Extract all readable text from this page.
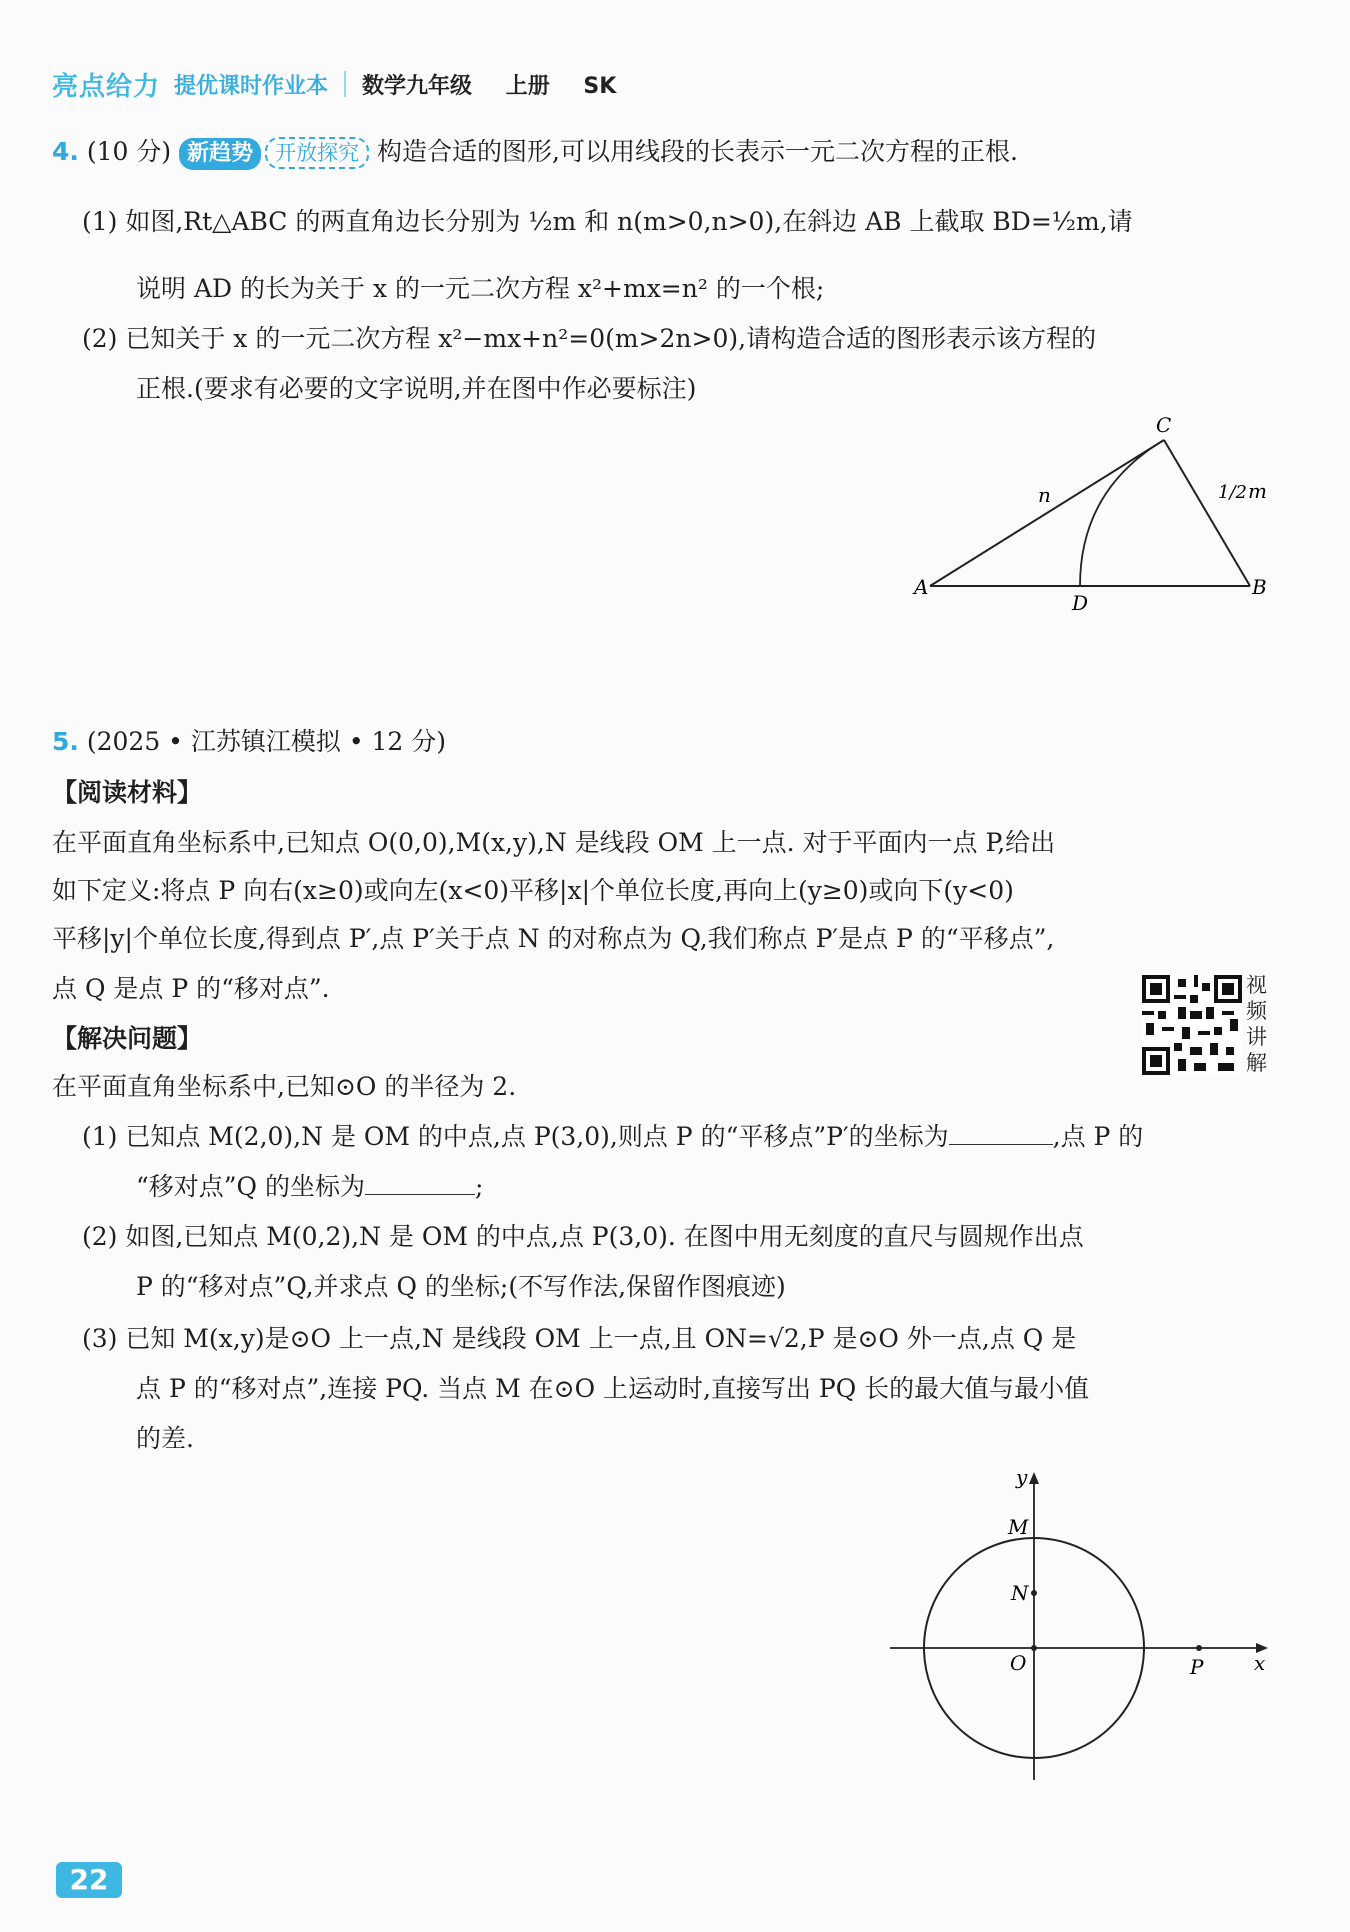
亮点给力 提优课时作业本 数学九年级 上册 SK
4. (10 分) 新趋势 开放探究 构造合适的图形,可以用线段的长表示一元二次方程的正根.
(1) 如图,Rt△ABC 的两直角边长分别为 ½m 和 n(m>0,n>0),在斜边 AB 上截取 BD=½m,请
说明 AD 的长为关于 x 的一元二次方程 x²+mx=n² 的一个根;
(2) 已知关于 x 的一元二次方程 x²−mx+n²=0(m>2n>0),请构造合适的图形表示该方程的
正根.(要求有必要的文字说明,并在图中作必要标注)
A	B
C
D
n	1/2 m
5. (2025 • 江苏镇江模拟 • 12 分)
【阅读材料】
在平面直角坐标系中,已知点 O(0,0),M(x,y),N 是线段 OM 上一点. 对于平面内一点 P,给出
如下定义:将点 P 向右(x≥0)或向左(x<0)平移|x|个单位长度,再向上(y≥0)或向下(y<0)
平移|y|个单位长度,得到点 P′,点 P′关于点 N 的对称点为 Q,我们称点 P′是点 P 的“平移点”,
点 Q 是点 P 的“移对点”.	视
频
讲
解
【解决问题】
在平面直角坐标系中,已知⊙O 的半径为 2.
(1) 已知点 M(2,0),N 是 OM 的中点,点 P(3,0),则点 P 的“平移点”P′的坐标为	,点 P 的
“移对点”Q 的坐标为	;
(2) 如图,已知点 M(0,2),N 是 OM 的中点,点 P(3,0). 在图中用无刻度的直尺与圆规作出点
P 的“移对点”Q,并求点 Q 的坐标;(不写作法,保留作图痕迹)
(3) 已知 M(x,y)是⊙O 上一点,N 是线段 OM 上一点,且 ON=√2,P 是⊙O 外一点,点 Q 是
点 P 的“移对点”,连接 PQ. 当点 M 在⊙O 上运动时,直接写出 PQ 长的最大值与最小值
的差.
y
x
M
N
O	P
22
